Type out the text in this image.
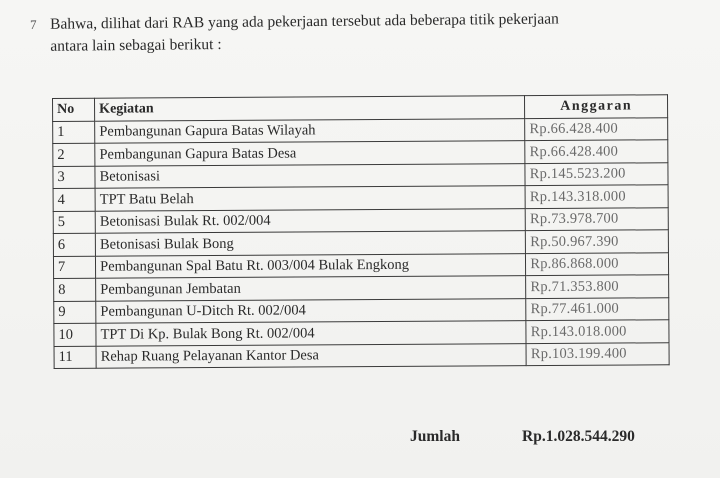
7 Bahwa, dilihat dari RAB yang ada pekerjaan tersebut ada beberapa titik pekerjaan
antara lain sebagai berikut :
No	Kegiatan	Anggaran
1	Pembangunan Gapura Batas Wilayah	Rp.66.428.400
2	Pembangunan Gapura Batas Desa	Rp.66.428.400
3	Betonisasi	Rp.145.523.200
4	TPT Batu Belah	Rp.143.318.000
5	Betonisasi Bulak Rt. 002/004	Rp.73.978.700
6	Betonisasi Bulak Bong	Rp.50.967.390
7	Pembangunan Spal Batu Rt. 003/004 Bulak Engkong	Rp.86.868.000
8	Pembangunan Jembatan	Rp.71.353.800
9	Pembangunan U-Ditch Rt. 002/004	Rp.77.461.000
10	TPT Di Kp. Bulak Bong Rt. 002/004	Rp.143.018.000
11	Rehap Ruang Pelayanan Kantor Desa	Rp.103.199.400
Jumlah	Rp.1.028.544.290
